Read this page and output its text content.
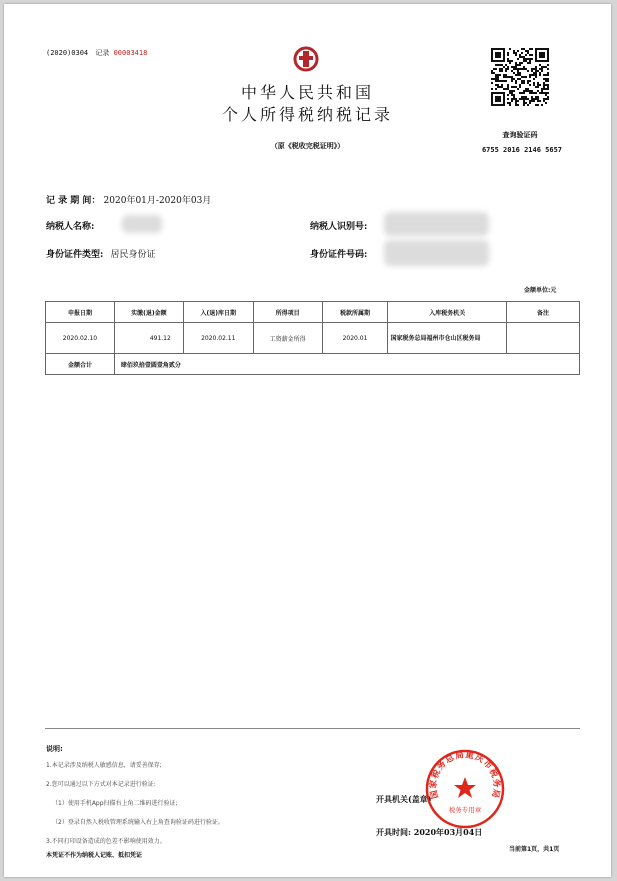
(2020)0304 记录 00003418
中华人民共和国
个人所得税纳税记录
（原《税收完税证明》）
查询验证码
6755 2016 2146 5657
记 录 期 间： 2020年01月-2020年03月
纳税人名称:	纳税人识别号:
身份证件类型: 居民身份证	身份证件号码:
金额单位:元
申报日期	实缴(退)金额	入(退)库日期	所得项目	税款所属期	入库税务机关	备注
2020.02.10	491.12	2020.02.11	工资薪金所得	2020.01	国家税务总局福州市仓山区税务局	
金额合计	肆佰玖拾壹圆壹角贰分					
说明:
1.本记录涉及纳税人敏感信息，请妥善保存;
2.您可以通过以下方式对本记录进行验证:
（1）使用手机App扫描右上角二维码进行验证;
（2）登录自然人税收管理系统输入右上角查询验证码进行验证。
3.不同打印设备造成的色差不影响使用效力。
本凭证不作为纳税人记账、抵扣凭证
开具机关(盖章)
开具时间: 2020年03月04日
当前第1页，共1页
国家税务总局重庆市税务局
税务专用章
